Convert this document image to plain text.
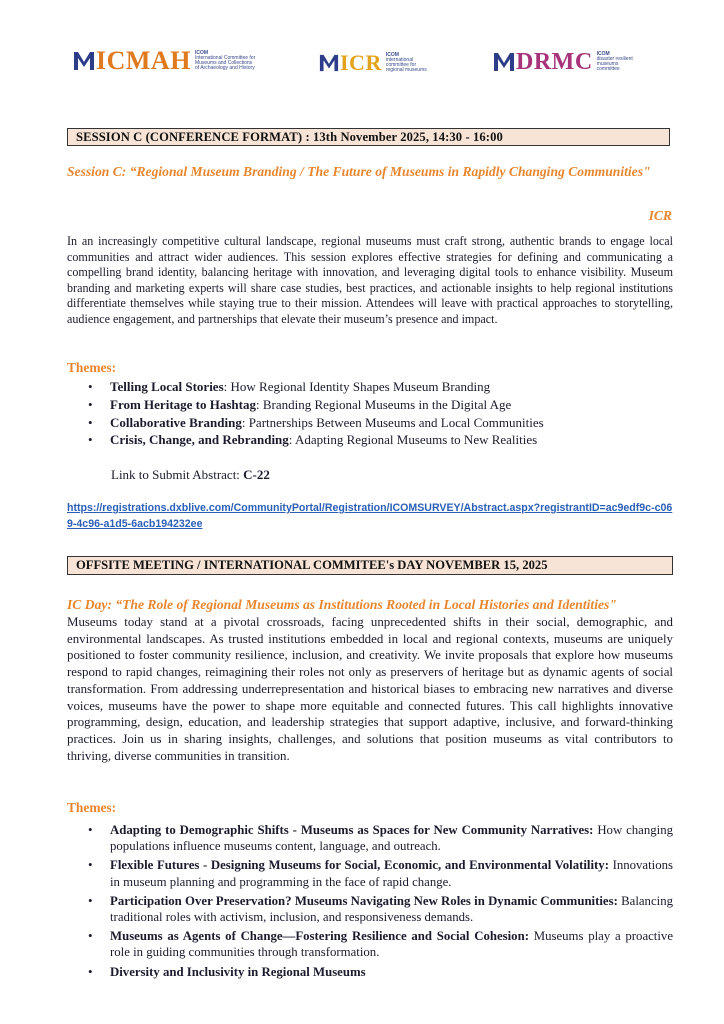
ICMAH ICOM
International Committee for
Museums and Collections
of Archaeology and History	ICR ICOM
international
committee for
regional museums	DRMC ICOM
disaster resilient
museums
committee
SESSION C (CONFERENCE FORMAT) : 13th November 2025, 14:30 - 16:00
Session C: “Regional Museum Branding / The Future of Museums in Rapidly Changing Communities"
ICR

In an increasingly competitive cultural landscape, regional museums must craft strong, authentic brands to engage local communities and attract wider audiences. This session explores effective strategies for defining and communicating a compelling brand identity, balancing heritage with innovation, and leveraging digital tools to enhance visibility. Museum branding and marketing experts will share case studies, best practices, and actionable insights to help regional institutions differentiate themselves while staying true to their mission. Attendees will leave with practical approaches to storytelling, audience engagement, and partnerships that elevate their museum’s presence and impact.

Themes:
• Telling Local Stories: How Regional Identity Shapes Museum Branding
• From Heritage to Hashtag: Branding Regional Museums in the Digital Age
• Collaborative Branding: Partnerships Between Museums and Local Communities
• Crisis, Change, and Rebranding: Adapting Regional Museums to New Realities
Link to Submit Abstract: C-22
https://registrations.dxblive.com/CommunityPortal/Registration/ICOMSURVEY/Abstract.aspx?registrantID=ac9edf9c-c069-4c96-a1d5-6acb194232ee
OFFSITE MEETING / INTERNATIONAL COMMITEE's DAY NOVEMBER 15, 2025
IC Day: “The Role of Regional Museums as Institutions Rooted in Local Histories and Identities"

Museums today stand at a pivotal crossroads, facing unprecedented shifts in their social, demographic, and environmental landscapes. As trusted institutions embedded in local and regional contexts, museums are uniquely positioned to foster community resilience, inclusion, and creativity. We invite proposals that explore how museums respond to rapid changes, reimagining their roles not only as preservers of heritage but as dynamic agents of social transformation. From addressing underrepresentation and historical biases to embracing new narratives and diverse voices, museums have the power to shape more equitable and connected futures. This call highlights innovative programming, design, education, and leadership strategies that support adaptive, inclusive, and forward-thinking practices. Join us in sharing insights, challenges, and solutions that position museums as vital contributors to thriving, diverse communities in transition.

Themes:
• Adapting to Demographic Shifts - Museums as Spaces for New Community Narratives: How changing populations influence museums content, language, and outreach.
• Flexible Futures - Designing Museums for Social, Economic, and Environmental Volatility: Innovations in museum planning and programming in the face of rapid change.
• Participation Over Preservation? Museums Navigating New Roles in Dynamic Communities: Balancing traditional roles with activism, inclusion, and responsiveness demands.
• Museums as Agents of Change—Fostering Resilience and Social Cohesion: Museums play a proactive role in guiding communities through transformation.
• Diversity and Inclusivity in Regional Museums
